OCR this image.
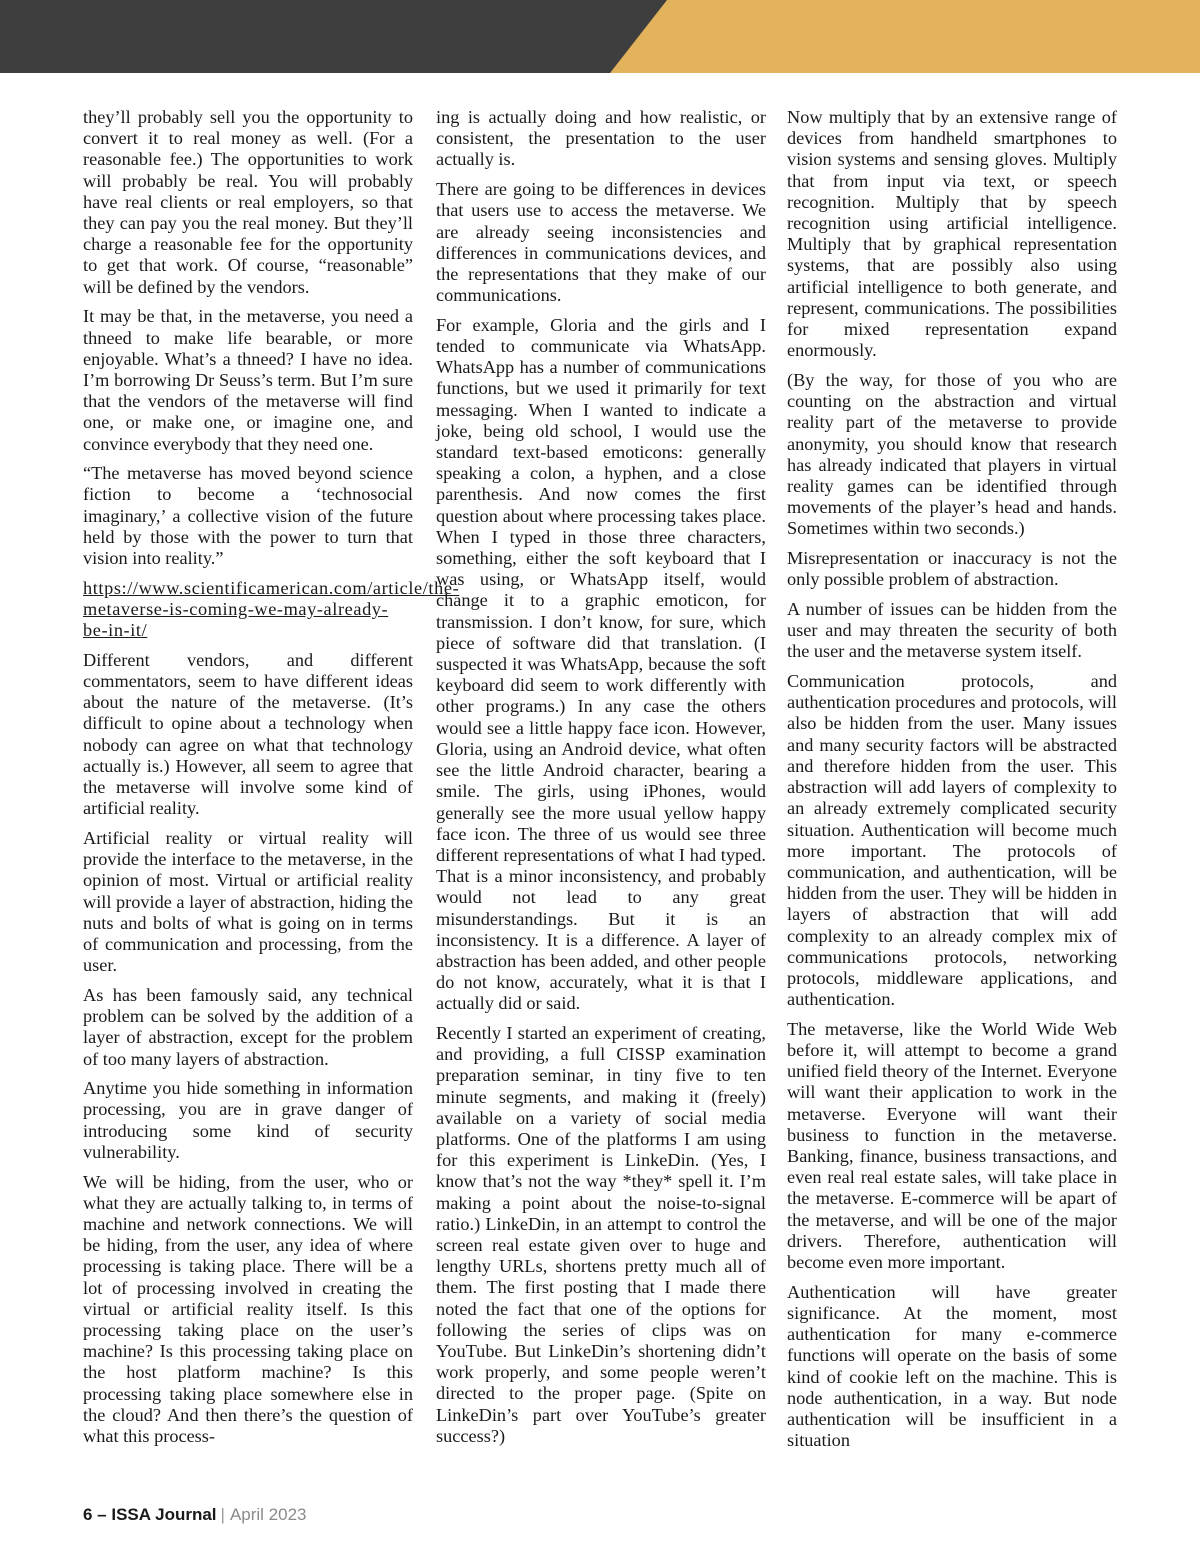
they’ll probably sell you the opportunity to convert it to real money as well. (For a reasonable fee.) The opportunities to work will probably be real. You will probably have real clients or real employers, so that they can pay you the real money. But they’ll charge a reasonable fee for the opportunity to get that work. Of course, “reasonable” will be defined by the vendors.

It may be that, in the metaverse, you need a thneed to make life bearable, or more enjoyable. What’s a thneed? I have no idea. I’m borrowing Dr Seuss’s term. But I’m sure that the vendors of the metaverse will find one, or make one, or imagine one, and convince everybody that they need one.

“The metaverse has moved beyond science fiction to become a ‘technosocial imaginary,’ a collective vision of the future held by those with the power to turn that vision into reality.”

https://www.scientificamerican.com/article/the-metaverse-is-coming-we-may-already-be-in-it/

Different vendors, and different commentators, seem to have different ideas about the nature of the metaverse. (It’s difficult to opine about a technology when nobody can agree on what that technology actually is.) However, all seem to agree that the metaverse will involve some kind of artificial reality.

Artificial reality or virtual reality will provide the interface to the metaverse, in the opinion of most. Virtual or artificial reality will provide a layer of abstraction, hiding the nuts and bolts of what is going on in terms of communication and processing, from the user.

As has been famously said, any technical problem can be solved by the addition of a layer of abstraction, except for the problem of too many layers of abstraction.

Anytime you hide something in information processing, you are in grave danger of introducing some kind of security vulnerability.

We will be hiding, from the user, who or what they are actually talking to, in terms of machine and network connections. We will be hiding, from the user, any idea of where processing is taking place. There will be a lot of processing involved in creating the virtual or artificial reality itself. Is this processing taking place on the user’s machine? Is this processing taking place on the host platform machine? Is this processing taking place somewhere else in the cloud? And then there’s the question of what this process-

ing is actually doing and how realistic, or consistent, the presentation to the user actually is.

There are going to be differences in devices that users use to access the metaverse. We are already seeing inconsistencies and differences in communications devices, and the representations that they make of our communications.

For example, Gloria and the girls and I tended to communicate via WhatsApp. WhatsApp has a number of communications functions, but we used it primarily for text messaging. When I wanted to indicate a joke, being old school, I would use the standard text-based emoticons: generally speaking a colon, a hyphen, and a close parenthesis. And now comes the first question about where processing takes place. When I typed in those three characters, something, either the soft keyboard that I was using, or WhatsApp itself, would change it to a graphic emoticon, for transmission. I don’t know, for sure, which piece of software did that translation. (I suspected it was WhatsApp, because the soft keyboard did seem to work differently with other programs.) In any case the others would see a little happy face icon. However, Gloria, using an Android device, what often see the little Android character, bearing a smile. The girls, using iPhones, would generally see the more usual yellow happy face icon. The three of us would see three different representations of what I had typed. That is a minor inconsistency, and probably would not lead to any great misunderstandings. But it is an inconsistency. It is a difference. A layer of abstraction has been added, and other people do not know, accurately, what it is that I actually did or said.

Recently I started an experiment of creating, and providing, a full CISSP examination preparation seminar, in tiny five to ten minute segments, and making it (freely) available on a variety of social media platforms. One of the platforms I am using for this experiment is LinkeDin. (Yes, I know that’s not the way *they* spell it. I’m making a point about the noise-to-signal ratio.) LinkeDin, in an attempt to control the screen real estate given over to huge and lengthy URLs, shortens pretty much all of them. The first posting that I made there noted the fact that one of the options for following the series of clips was on YouTube. But LinkeDin’s shortening didn’t work properly, and some people weren’t directed to the proper page. (Spite on LinkeDin’s part over YouTube’s greater success?)

Now multiply that by an extensive range of devices from handheld smartphones to vision systems and sensing gloves. Multiply that from input via text, or speech recognition. Multiply that by speech recognition using artificial intelligence. Multiply that by graphical representation systems, that are possibly also using artificial intelligence to both generate, and represent, communications. The possibilities for mixed representation expand enormously.

(By the way, for those of you who are counting on the abstraction and virtual reality part of the metaverse to provide anonymity, you should know that research has already indicated that players in virtual reality games can be identified through movements of the player’s head and hands. Sometimes within two seconds.)

Misrepresentation or inaccuracy is not the only possible problem of abstraction.

A number of issues can be hidden from the user and may threaten the security of both the user and the metaverse system itself.

Communication protocols, and authentication procedures and protocols, will also be hidden from the user. Many issues and many security factors will be abstracted and therefore hidden from the user. This abstraction will add layers of complexity to an already extremely complicated security situation. Authentication will become much more important. The protocols of communication, and authentication, will be hidden from the user. They will be hidden in layers of abstraction that will add complexity to an already complex mix of communications protocols, networking protocols, middleware applications, and authentication.

The metaverse, like the World Wide Web before it, will attempt to become a grand unified field theory of the Internet. Everyone will want their application to work in the metaverse. Everyone will want their business to function in the metaverse. Banking, finance, business transactions, and even real real estate sales, will take place in the metaverse. E-commerce will be apart of the metaverse, and will be one of the major drivers. Therefore, authentication will become even more important.

Authentication will have greater significance. At the moment, most authentication for many e-commerce functions will operate on the basis of some kind of cookie left on the machine. This is node authentication, in a way. But node authentication will be insufficient in a situation

6 – ISSA Journal | April 2023
